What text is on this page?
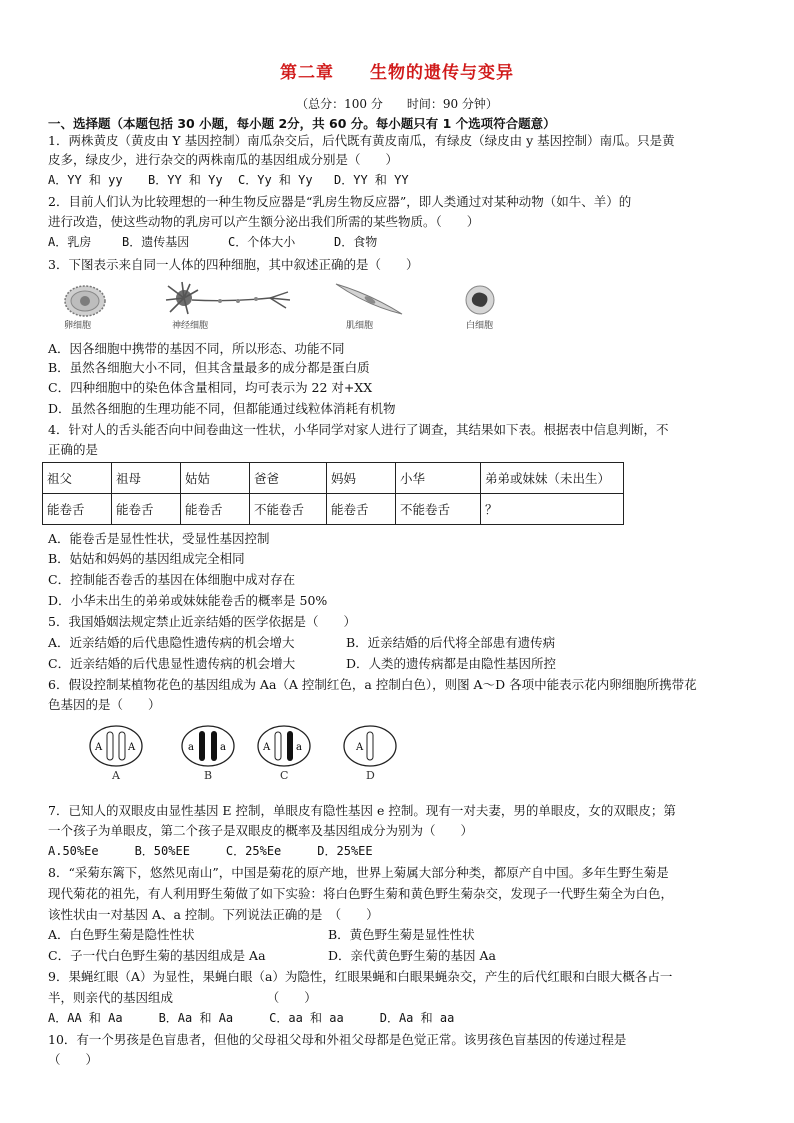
第二章　　生物的遗传与变异
（总分：100 分　　时间：90 分钟）
一、选择题（本题包括 30 小题，每小题 2分，共 60 分。每小题只有 1 个选项符合题意）
1．两株黄皮（黄皮由 Y 基因控制）南瓜杂交后，后代既有黄皮南瓜，有绿皮（绿皮由 y 基因控制）南瓜。只是黄
皮多，绿皮少，进行杂交的两株南瓜的基因组成分别是（　　）
A．YY 和 yy B．YY 和 Yy C．Yy 和 Yy D．YY 和 YY
2．目前人们认为比较理想的一种生物反应器是“乳房生物反应器”，即人类通过对某种动物（如牛、羊）的
进行改造，使这些动物的乳房可以产生额分泌出我们所需的某些物质。（　　）
A．乳房	B．遗传基因	C．个体大小	D．食物
3．下图表示来自同一人体的四种细胞，其中叙述正确的是（　　）
卵细胞	神经细胞	肌细胞	白细胞
A．因各细胞中携带的基因不同，所以形态、功能不同
B．虽然各细胞大小不同，但其含量最多的成分都是蛋白质
C．四种细胞中的染色体含量相同，均可表示为 22 对+XX
D．虽然各细胞的生理功能不同，但都能通过线粒体消耗有机物
4．针对人的舌头能否向中间卷曲这一性状，小华同学对家人进行了调查，其结果如下表。根据表中信息判断，不
正确的是
祖父	祖母	姑姑	爸爸	妈妈	小华	弟弟或妹妹（未出生）
能卷舌	能卷舌	能卷舌	不能卷舌	能卷舌	不能卷舌	？
A．能卷舌是显性性状，受显性基因控制
B．姑姑和妈妈的基因组成完全相同
C．控制能否卷舌的基因在体细胞中成对存在
D．小华未出生的弟弟或妹妹能卷舌的概率是 50%
5．我国婚姻法规定禁止近亲结婚的医学依据是（　　）
A．近亲结婚的后代患隐性遗传病的机会增大	B．近亲结婚的后代将全部患有遗传病
C．近亲结婚的后代患显性遗传病的机会增大	D．人类的遗传病都是由隐性基因所控
6．假设控制某植物花色的基因组成为 Aa（A 控制红色，a 控制白色），则图 A～D 各项中能表示花内卵细胞所携带花
色基因的是（　　）
A	A	a	a	A	a	A
A	B	C	D
7．已知人的双眼皮由显性基因 E 控制，单眼皮有隐性基因 e 控制。现有一对夫妻，男的单眼皮，女的双眼皮；第
一个孩子为单眼皮，第二个孩子是双眼皮的概率及基因组成分为别为（　　）
A.50%Ee　　　B．50%EE　　　C．25%Ee　　　D．25%EE
8．“采菊东篱下，悠然见南山”，中国是菊花的原产地，世界上菊属大部分种类，都原产自中国。多年生野生菊是
现代菊花的祖先，有人利用野生菊做了如下实验：将白色野生菊和黄色野生菊杂交，发现子一代野生菊全为白色，
该性状由一对基因 A、a 控制。下列说法正确的是　（　　）
A．白色野生菊是隐性性状	B．黄色野生菊是显性性状
C．子一代白色野生菊的基因组成是 Aa	D．亲代黄色野生菊的基因 Aa
9．果蝇红眼（A）为显性，果蝇白眼（a）为隐性，红眼果蝇和白眼果蝇杂交，产生的后代红眼和白眼大概各占一
半，则亲代的基因组成　　　　　　　　（　　）
A．AA 和 Aa　　　B．Aa 和 Aa　　　C．aa 和 aa　　　D．Aa 和 aa
10．有一个男孩是色盲患者，但他的父母祖父母和外祖父母都是色觉正常。该男孩色盲基因的传递过程是
（　　）
